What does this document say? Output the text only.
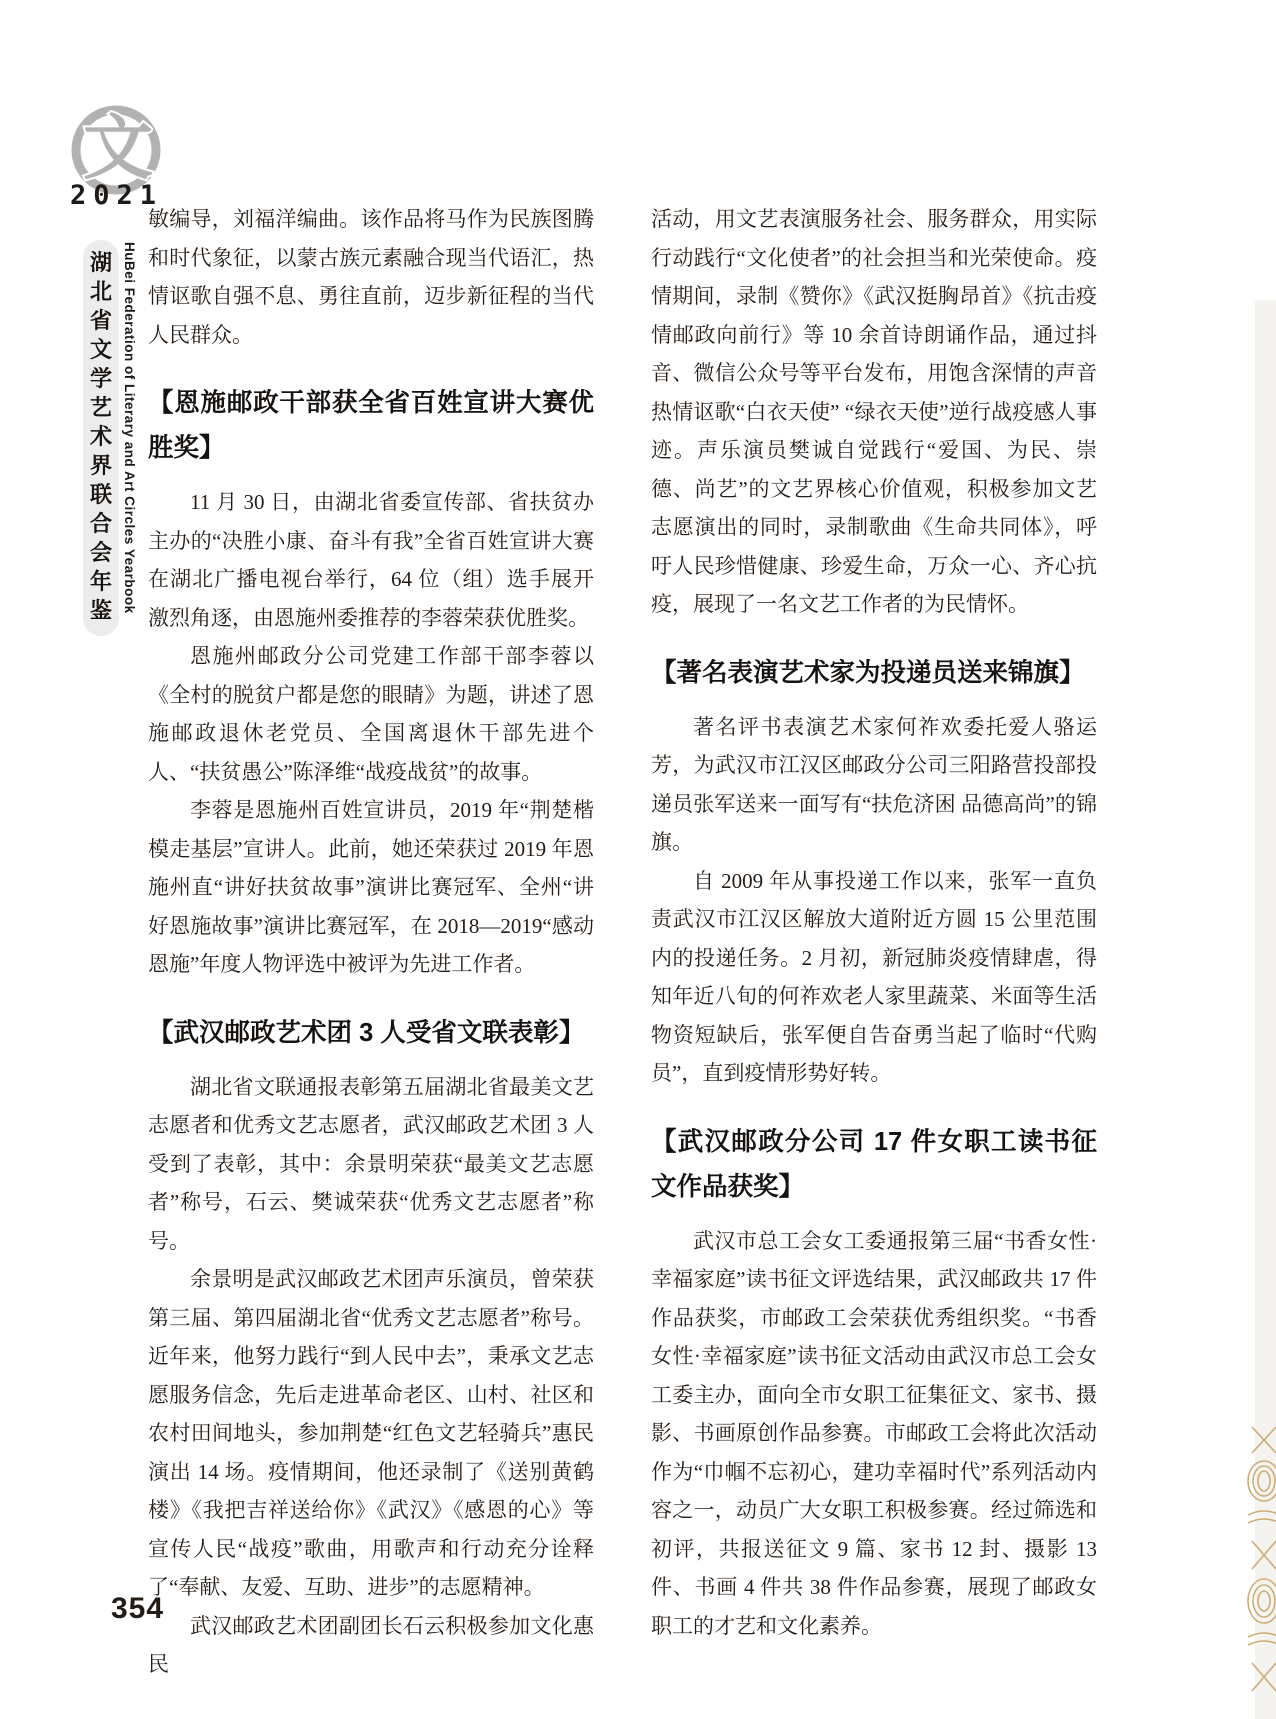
文
2021
湖
北
省
文
学
艺
术
界
联
合
会
年
鉴 HuBei Federation of Literary and Art Circles Yearbook

敏编导，刘福洋编曲。该作品将马作为民族图腾和时代象征，以蒙古族元素融合现当代语汇，热情讴歌自强不息、勇往直前，迈步新征程的当代人民群众。

【恩施邮政干部获全省百姓宣讲大赛优胜奖】

11 月 30 日，由湖北省委宣传部、省扶贫办主办的“决胜小康、奋斗有我”全省百姓宣讲大赛在湖北广播电视台举行，64 位（组）选手展开激烈角逐，由恩施州委推荐的李蓉荣获优胜奖。

恩施州邮政分公司党建工作部干部李蓉以《全村的脱贫户都是您的眼睛》为题，讲述了恩施邮政退休老党员、全国离退休干部先进个人、“扶贫愚公”陈泽维“战疫战贫”的故事。

李蓉是恩施州百姓宣讲员，2019 年“荆楚楷模走基层”宣讲人。此前，她还荣获过 2019 年恩施州直“讲好扶贫故事”演讲比赛冠军、全州“讲好恩施故事”演讲比赛冠军，在 2018—2019“感动恩施”年度人物评选中被评为先进工作者。

【武汉邮政艺术团 3 人受省文联表彰】

湖北省文联通报表彰第五届湖北省最美文艺志愿者和优秀文艺志愿者，武汉邮政艺术团 3 人受到了表彰，其中：余景明荣获“最美文艺志愿者”称号，石云、樊诚荣获“优秀文艺志愿者”称号。

余景明是武汉邮政艺术团声乐演员，曾荣获第三届、第四届湖北省“优秀文艺志愿者”称号。近年来，他努力践行“到人民中去”，秉承文艺志愿服务信念，先后走进革命老区、山村、社区和农村田间地头，参加荆楚“红色文艺轻骑兵”惠民演出 14 场。疫情期间，他还录制了《送别黄鹤楼》《我把吉祥送给你》《武汉》《感恩的心》等宣传人民“战疫”歌曲，用歌声和行动充分诠释了“奉献、友爱、互助、进步”的志愿精神。

武汉邮政艺术团副团长石云积极参加文化惠民

活动，用文艺表演服务社会、服务群众，用实际行动践行“文化使者”的社会担当和光荣使命。疫情期间，录制《赞你》《武汉挺胸昂首》《抗击疫情邮政向前行》等 10 余首诗朗诵作品，通过抖音、微信公众号等平台发布，用饱含深情的声音热情讴歌“白衣天使” “绿衣天使”逆行战疫感人事迹。声乐演员樊诚自觉践行“爱国、为民、崇德、尚艺”的文艺界核心价值观，积极参加文艺志愿演出的同时，录制歌曲《生命共同体》，呼吁人民珍惜健康、珍爱生命，万众一心、齐心抗疫，展现了一名文艺工作者的为民情怀。

【著名表演艺术家为投递员送来锦旗】

著名评书表演艺术家何祚欢委托爱人骆运芳，为武汉市江汉区邮政分公司三阳路营投部投递员张军送来一面写有“扶危济困 品德高尚”的锦旗。

自 2009 年从事投递工作以来，张军一直负责武汉市江汉区解放大道附近方圆 15 公里范围内的投递任务。2 月初，新冠肺炎疫情肆虐，得知年近八旬的何祚欢老人家里蔬菜、米面等生活物资短缺后，张军便自告奋勇当起了临时“代购员”，直到疫情形势好转。

【武汉邮政分公司 17 件女职工读书征文作品获奖】

武汉市总工会女工委通报第三届“书香女性·幸福家庭”读书征文评选结果，武汉邮政共 17 件作品获奖，市邮政工会荣获优秀组织奖。“书香女性·幸福家庭”读书征文活动由武汉市总工会女工委主办，面向全市女职工征集征文、家书、摄影、书画原创作品参赛。市邮政工会将此次活动作为“巾帼不忘初心，建功幸福时代”系列活动内容之一，动员广大女职工积极参赛。经过筛选和初评，共报送征文 9 篇、家书 12 封、摄影 13 件、书画 4 件共 38 件作品参赛，展现了邮政女职工的才艺和文化素养。

354
